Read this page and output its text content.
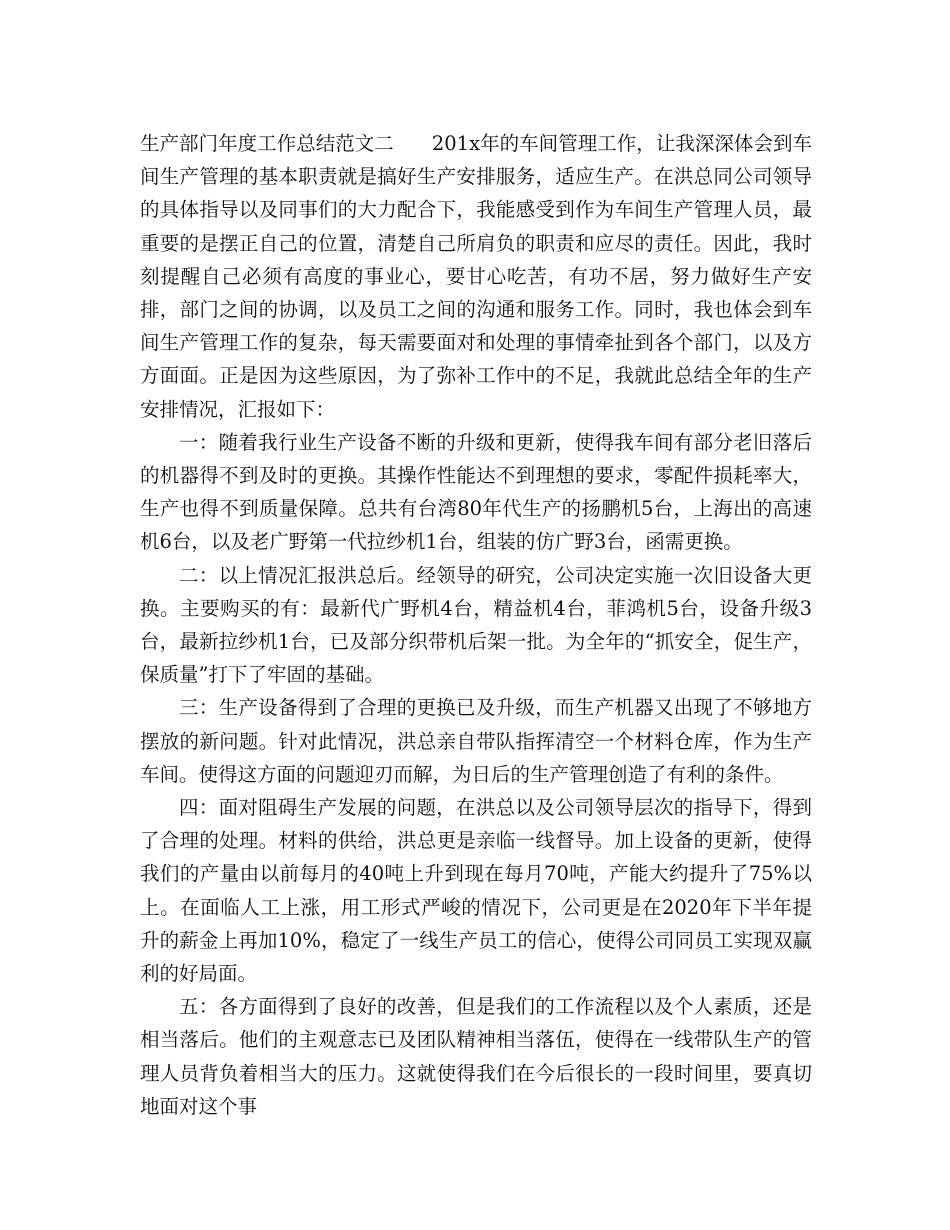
生产部门年度工作总结范文二 201x年的车间管理工作，让我深深体会到车间生产管理的基本职责就是搞好生产安排服务，适应生产。在洪总同公司领导的具体指导以及同事们的大力配合下，我能感受到作为车间生产管理人员，最重要的是摆正自己的位置，清楚自己所肩负的职责和应尽的责任。因此，我时刻提醒自己必须有高度的事业心，要甘心吃苦，有功不居，努力做好生产安排，部门之间的协调，以及员工之间的沟通和服务工作。同时，我也体会到车间生产管理工作的复杂，每天需要面对和处理的事情牵扯到各个部门，以及方方面面。正是因为这些原因，为了弥补工作中的不足，我就此总结全年的生产安排情况，汇报如下：

一：随着我行业生产设备不断的升级和更新，使得我车间有部分老旧落后的机器得不到及时的更换。其操作性能达不到理想的要求，零配件损耗率大，生产也得不到质量保障。总共有台湾80年代生产的扬鹏机5台，上海出的高速机6台，以及老广野第一代拉纱机1台，组装的仿广野3台，函需更换。

二：以上情况汇报洪总后。经领导的研究，公司决定实施一次旧设备大更换。主要购买的有：最新代广野机4台，精益机4台，菲鸿机5台，设备升级3台，最新拉纱机1台，已及部分织带机后架一批。为全年的“抓安全，促生产，保质量”打下了牢固的基础。

三：生产设备得到了合理的更换已及升级，而生产机器又出现了不够地方摆放的新问题。针对此情况，洪总亲自带队指挥清空一个材料仓库，作为生产车间。使得这方面的问题迎刃而解，为日后的生产管理创造了有利的条件。

四：面对阻碍生产发展的问题，在洪总以及公司领导层次的指导下，得到了合理的处理。材料的供给，洪总更是亲临一线督导。加上设备的更新，使得我们的产量由以前每月的40吨上升到现在每月70吨，产能大约提升了75%以上。在面临人工上涨，用工形式严峻的情况下，公司更是在2020年下半年提升的薪金上再加10%，稳定了一线生产员工的信心，使得公司同员工实现双赢利的好局面。

五：各方面得到了良好的改善，但是我们的工作流程以及个人素质，还是相当落后。他们的主观意志已及团队精神相当落伍，使得在一线带队生产的管理人员背负着相当大的压力。这就使得我们在今后很长的一段时间里，要真切地面对这个事
